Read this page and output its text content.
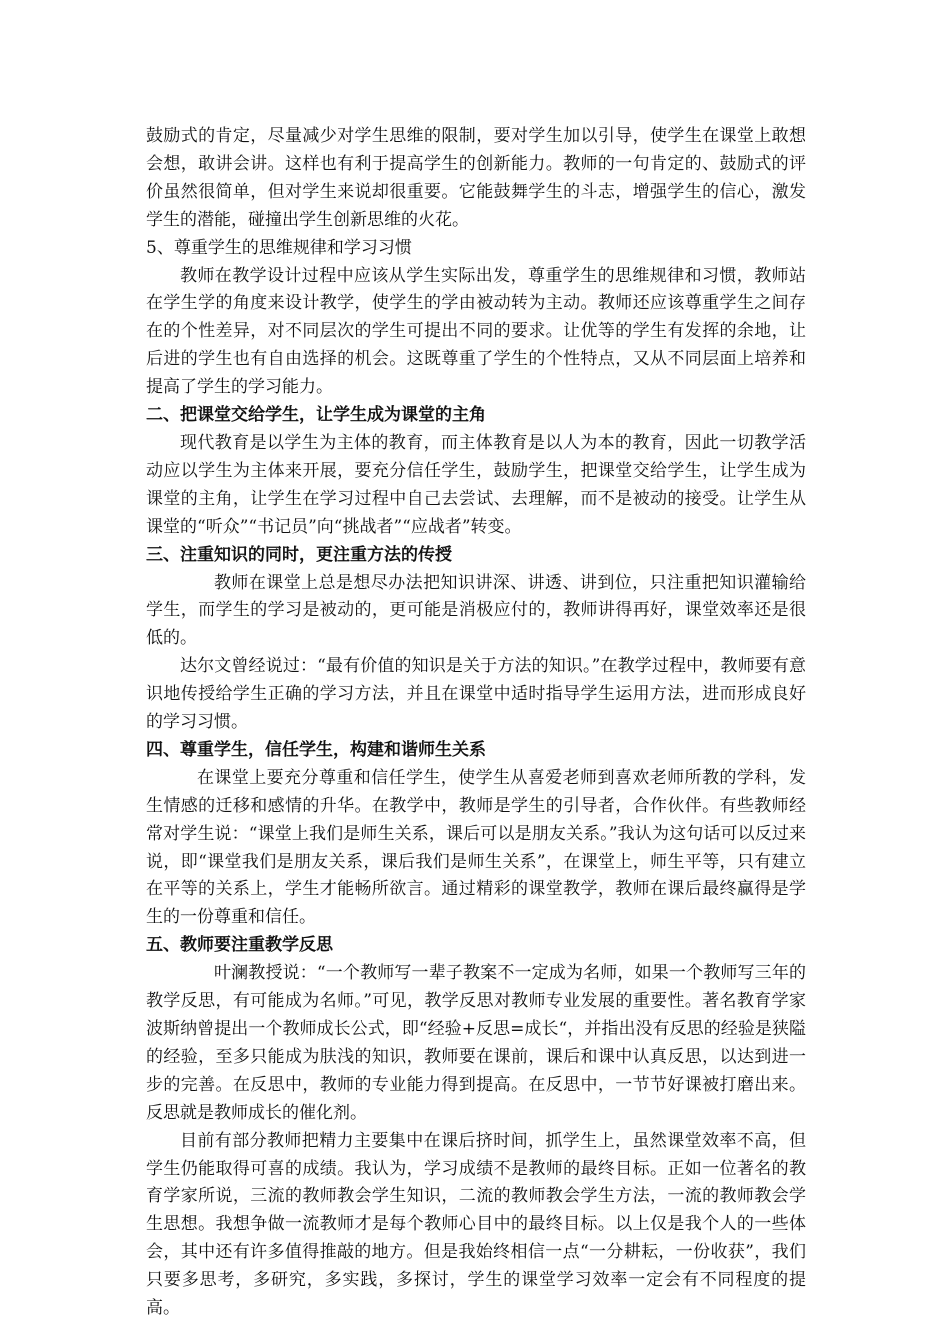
鼓励式的肯定，尽量减少对学生思维的限制，要对学生加以引导，使学生在课堂上敢想会想，敢讲会讲。这样也有利于提高学生的创新能力。教师的一句肯定的、鼓励式的评价虽然很简单，但对学生来说却很重要。它能鼓舞学生的斗志，增强学生的信心，激发学生的潜能，碰撞出学生创新思维的火花。

5、尊重学生的思维规律和学习习惯

教师在教学设计过程中应该从学生实际出发，尊重学生的思维规律和习惯，教师站在学生学的角度来设计教学，使学生的学由被动转为主动。教师还应该尊重学生之间存在的个性差异，对不同层次的学生可提出不同的要求。让优等的学生有发挥的余地，让后进的学生也有自由选择的机会。这既尊重了学生的个性特点，又从不同层面上培养和提高了学生的学习能力。

二、把课堂交给学生，让学生成为课堂的主角

现代教育是以学生为主体的教育，而主体教育是以人为本的教育，因此一切教学活动应以学生为主体来开展，要充分信任学生，鼓励学生，把课堂交给学生，让学生成为课堂的主角，让学生在学习过程中自己去尝试、去理解，而不是被动的接受。让学生从课堂的“听众”“书记员”向“挑战者”“应战者”转变。

三、注重知识的同时，更注重方法的传授

教师在课堂上总是想尽办法把知识讲深、讲透、讲到位，只注重把知识灌输给学生，而学生的学习是被动的，更可能是消极应付的，教师讲得再好，课堂效率还是很低的。

达尔文曾经说过：“最有价值的知识是关于方法的知识。”在教学过程中，教师要有意识地传授给学生正确的学习方法，并且在课堂中适时指导学生运用方法，进而形成良好的学习习惯。

四、尊重学生，信任学生，构建和谐师生关系

在课堂上要充分尊重和信任学生，使学生从喜爱老师到喜欢老师所教的学科，发生情感的迁移和感情的升华。在教学中，教师是学生的引导者，合作伙伴。有些教师经常对学生说：“课堂上我们是师生关系，课后可以是朋友关系。”我认为这句话可以反过来说，即“课堂我们是朋友关系，课后我们是师生关系”，在课堂上，师生平等，只有建立在平等的关系上，学生才能畅所欲言。通过精彩的课堂教学，教师在课后最终赢得是学生的一份尊重和信任。

五、教师要注重教学反思

叶澜教授说：“一个教师写一辈子教案不一定成为名师，如果一个教师写三年的教学反思，有可能成为名师。”可见，教学反思对教师专业发展的重要性。著名教育学家波斯纳曾提出一个教师成长公式，即“经验+反思=成长“，并指出没有反思的经验是狭隘的经验，至多只能成为肤浅的知识，教师要在课前，课后和课中认真反思，以达到进一步的完善。在反思中，教师的专业能力得到提高。在反思中，一节节好课被打磨出来。反思就是教师成长的催化剂。

目前有部分教师把精力主要集中在课后挤时间，抓学生上，虽然课堂效率不高，但学生仍能取得可喜的成绩。我认为，学习成绩不是教师的最终目标。正如一位著名的教育学家所说，三流的教师教会学生知识，二流的教师教会学生方法，一流的教师教会学生思想。我想争做一流教师才是每个教师心目中的最终目标。以上仅是我个人的一些体会，其中还有许多值得推敲的地方。但是我始终相信一点“一分耕耘，一份收获”，我们只要多思考，多研究，多实践，多探讨，学生的课堂学习效率一定会有不同程度的提高。
